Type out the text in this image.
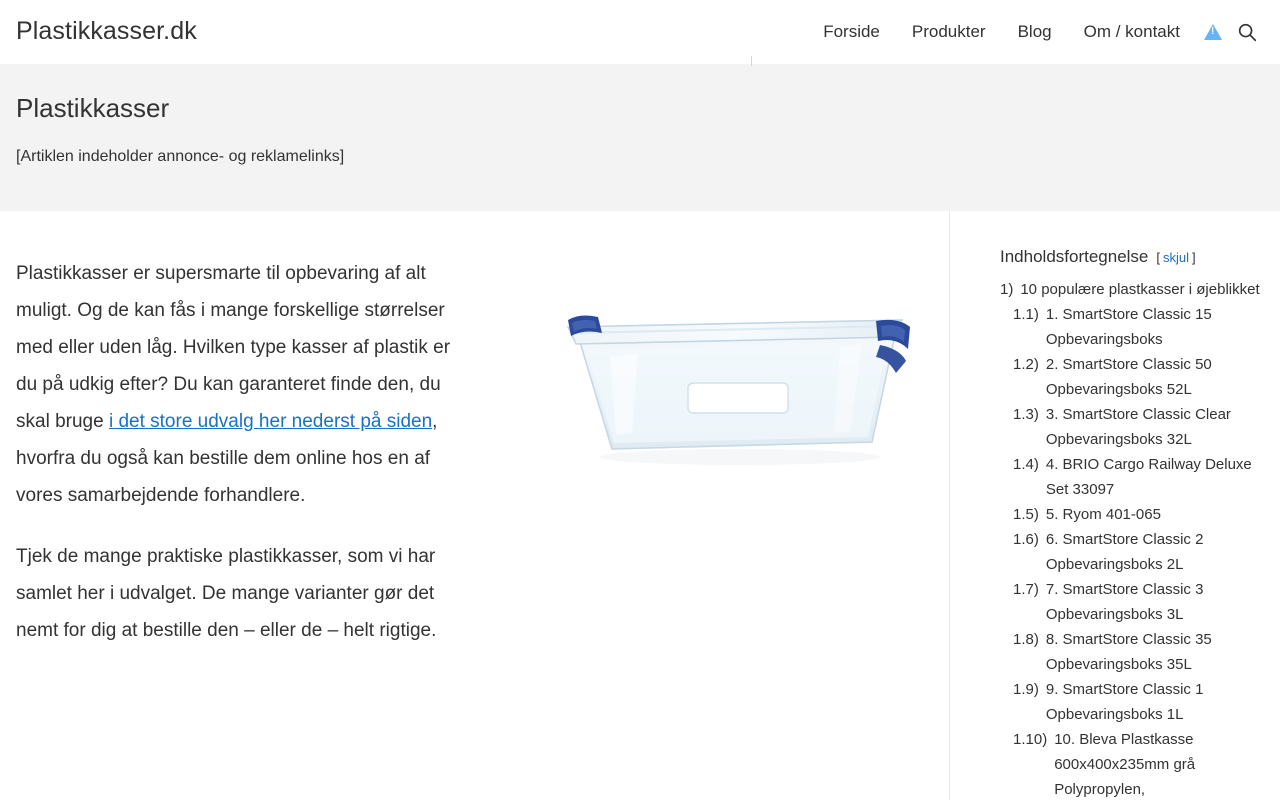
Plastikkasser.dk	Forside	Produkter	Blog	Om / kontakt
!
Plastikkasser
[Artiklen indeholder annonce- og reklamelinks]

Plastikkasser er supersmarte til opbevaring af alt muligt. Og de kan fås i mange forskellige størrelser med eller uden låg. Hvilken type kasser af plastik er du på udkig efter? Du kan garanteret finde den, du skal bruge i det store udvalg her nederst på siden, hvorfra du også kan bestille dem online hos en af vores samarbejdende forhandlere.

Tjek de mange praktiske plastikkasser, som vi har samlet her i udvalget. De mange varianter gør det nemt for dig at bestille den – eller de – helt rigtige.

Indholdsfortegnelse [ skjul ]
1) 10 populære plastkasser i øjeblikket
1.1) 1. SmartStore Classic 15 Opbevaringsboks
1.2) 2. SmartStore Classic 50 Opbevaringsboks 52L
1.3) 3. SmartStore Classic Clear Opbevaringsboks 32L
1.4) 4. BRIO Cargo Railway Deluxe Set 33097
1.5) 5. Ryom 401-065
1.6) 6. SmartStore Classic 2 Opbevaringsboks 2L
1.7) 7. SmartStore Classic 3 Opbevaringsboks 3L
1.8) 8. SmartStore Classic 35 Opbevaringsboks 35L
1.9) 9. SmartStore Classic 1 Opbevaringsboks 1L
1.10) 10. Bleva Plastkasse 600x400x235mm grå Polypropylen,
